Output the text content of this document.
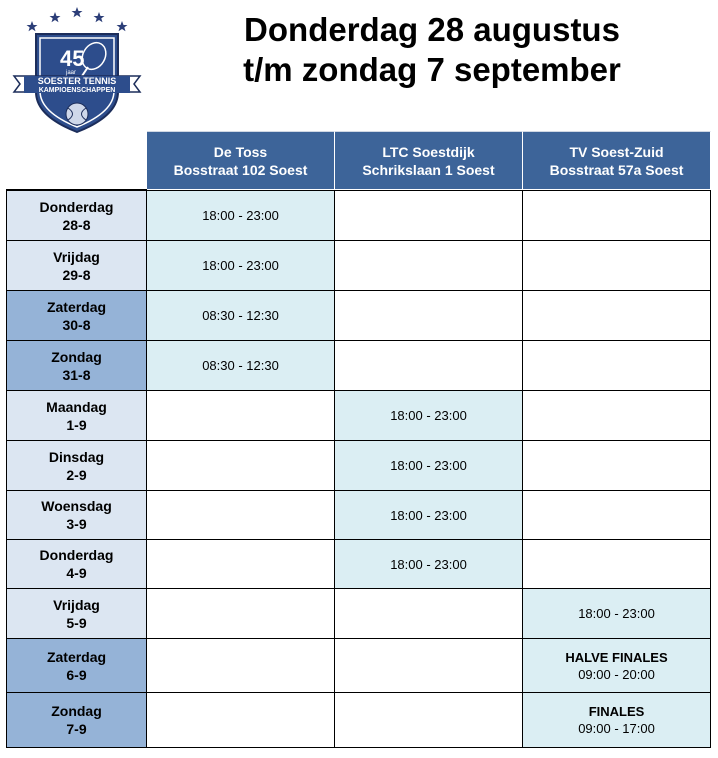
45
jaar
SOESTER TENNIS
KAMPIOENSCHAPPEN
Donderdag 28 augustus
t/m zondag 7 september
De Toss
Bosstraat 102 Soest
LTC Soestdijk
Schrikslaan 1 Soest
TV Soest-Zuid
Bosstraat 57a Soest
Donderdag
28-8
18:00 - 23:00
Vrijdag
29-8
18:00 - 23:00
Zaterdag
30-8
08:30 - 12:30
Zondag
31-8
08:30 - 12:30
Maandag
1-9
18:00 - 23:00
Dinsdag
2-9
18:00 - 23:00
Woensdag
3-9
18:00 - 23:00
Donderdag
4-9
18:00 - 23:00
Vrijdag
5-9
18:00 - 23:00
Zaterdag
6-9
HALVE FINALES
09:00 - 20:00
Zondag
7-9
FINALES
09:00 - 17:00
